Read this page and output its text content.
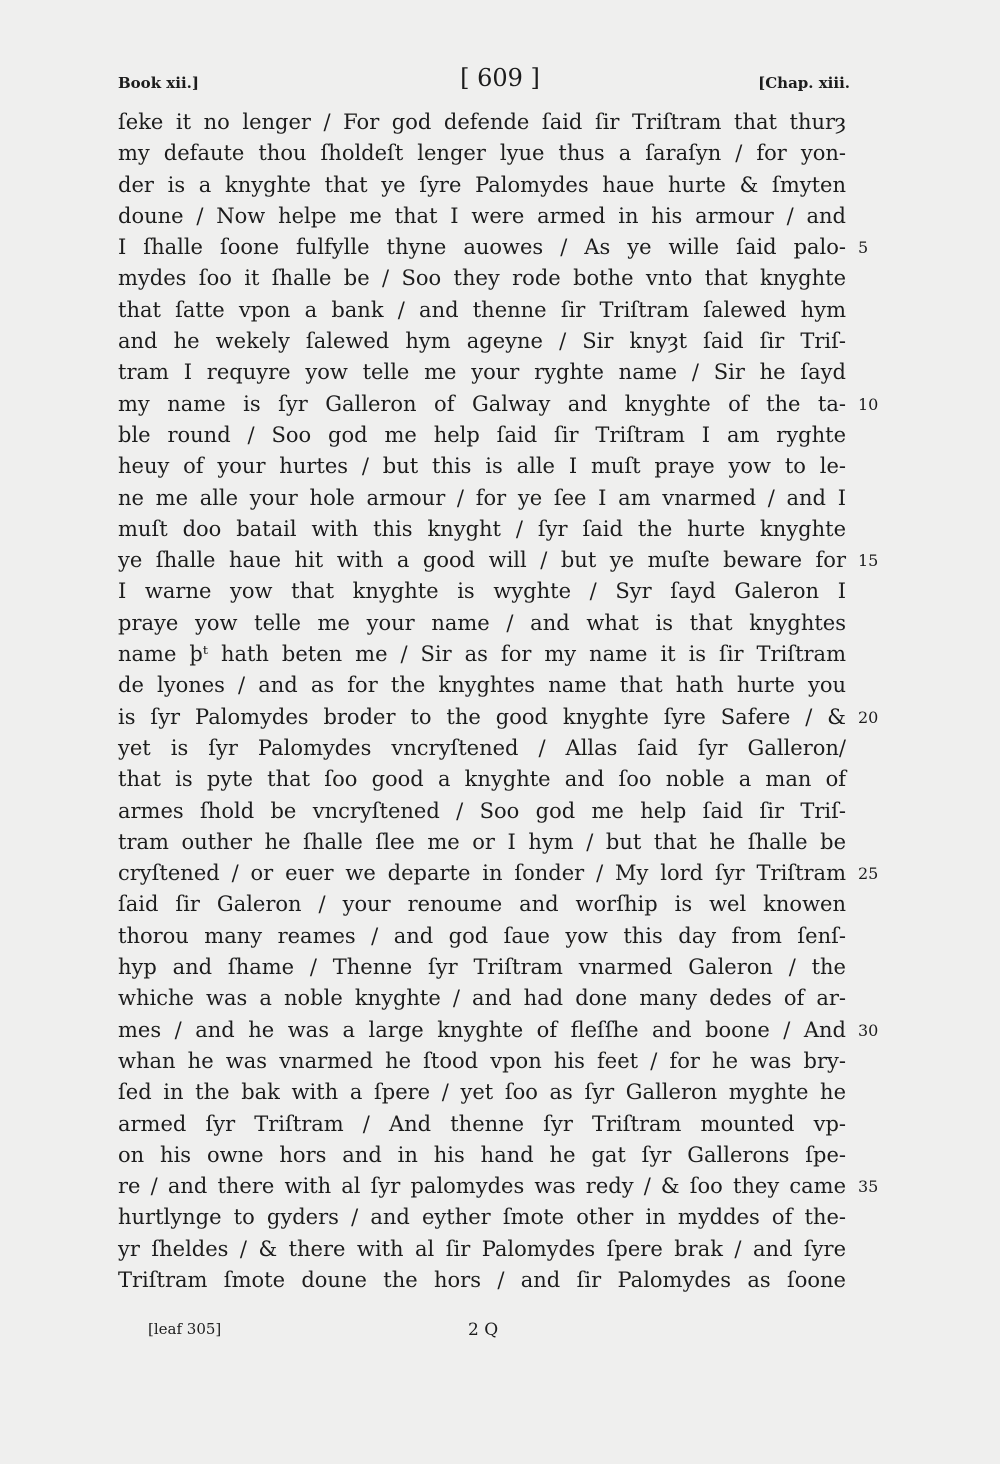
Book xii.]	[ 609 ]	[Chap. xiii.
ſeke it no lenger / For god defende ſaid ſir Triſtram that thurȝ
my defaute thou ſholdeſt lenger lyue thus a ſaraſyn / for yon-
der is a knyghte that ye ſyre Palomydes haue hurte & ſmyten
doune / Now helpe me that I were armed in his armour / and
I ſhalle ſoone fulfylle thyne auowes / As ye wille ſaid palo- 5
mydes ſoo it ſhalle be / Soo they rode bothe vnto that knyghte
that ſatte vpon a bank / and thenne ſir Triſtram ſalewed hym
and he wekely ſalewed hym ageyne / Sir knyȝt ſaid ſir Triſ-
tram I requyre yow telle me your ryghte name / Sir he ſayd
my name is ſyr Galleron of Galway and knyghte of the ta- 10
ble round / Soo god me help ſaid ſir Triſtram I am ryghte
heuy of your hurtes / but this is alle I muſt praye yow to le-
ne me alle your hole armour / for ye ſee I am vnarmed / and I
muſt doo batail with this knyght / ſyr ſaid the hurte knyghte
ye ſhalle haue hit with a good will / but ye muſte beware for 15
I warne yow that knyghte is wyghte / Syr ſayd Galeron I
praye yow telle me your name / and what is that knyghtes
name þᵗ hath beten me / Sir as for my name it is ſir Triſtram
de lyones / and as for the knyghtes name that hath hurte you
is ſyr Palomydes broder to the good knyghte ſyre Safere / & 20
yet is ſyr Palomydes vncryſtened / Allas ſaid ſyr Galleron/
that is pyte that ſoo good a knyghte and ſoo noble a man of
armes ſhold be vncryſtened / Soo god me help ſaid ſir Triſ-
tram outher he ſhalle ſlee me or I hym / but that he ſhalle be
cryſtened / or euer we departe in ſonder / My lord ſyr Triſtram 25
ſaid ſir Galeron / your renoume and worſhip is wel knowen
thorou many reames / and god ſaue yow this day from ſenſ-
hyp and ſhame / Thenne ſyr Triſtram vnarmed Galeron / the
whiche was a noble knyghte / and had done many dedes of ar-
mes / and he was a large knyghte of fleſſhe and boone / And 30
whan he was vnarmed he ſtood vpon his feet / for he was bry-
ſed in the bak with a ſpere / yet ſoo as ſyr Galleron myghte he
armed ſyr Triſtram / And thenne ſyr Triſtram mounted vp-
on his owne hors and in his hand he gat ſyr Gallerons ſpe-
re / and there with al ſyr palomydes was redy / & ſoo they came 35
hurtlynge to gyders / and eyther ſmote other in myddes of the-
yr ſheldes / & there with al ſir Palomydes ſpere brak / and ſyre
Triſtram ſmote doune the hors / and ſir Palomydes as ſoone
[leaf 305]	2 Q
